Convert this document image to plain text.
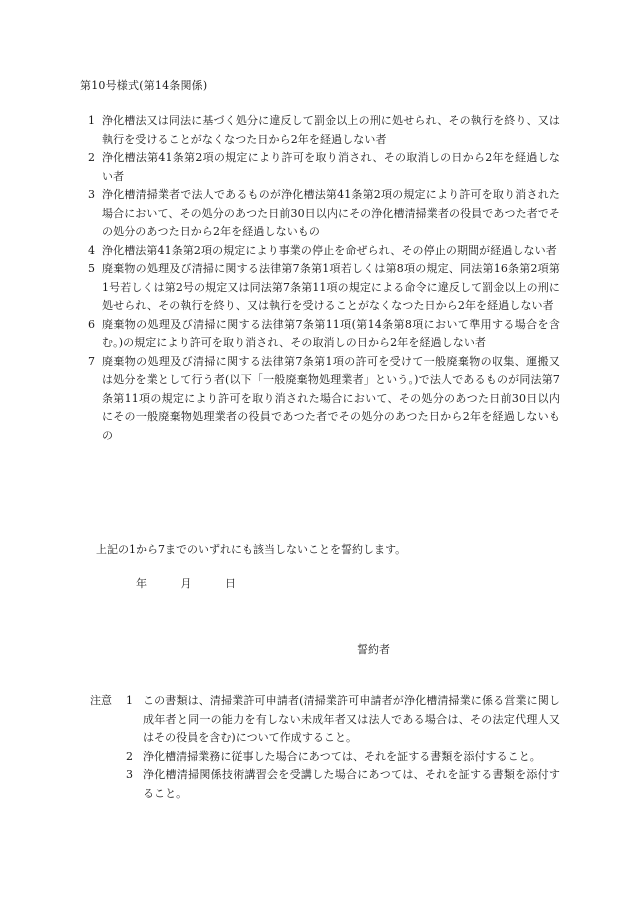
第10号様式(第14条関係)
1 浄化槽法又は同法に基づく処分に違反して罰金以上の刑に処せられ、その執行を終り、又は執行を受けることがなくなつた日から2年を経過しない者
2 浄化槽法第41条第2項の規定により許可を取り消され、その取消しの日から2年を経過しない者
3 浄化槽清掃業者で法人であるものが浄化槽法第41条第2項の規定により許可を取り消された場合において、その処分のあつた日前30日以内にその浄化槽清掃業者の役員であつた者でその処分のあつた日から2年を経過しないもの
4 浄化槽法第41条第2項の規定により事業の停止を命ぜられ、その停止の期間が経過しない者
5 廃棄物の処理及び清掃に関する法律第7条第1項若しくは第8項の規定、同法第16条第2項第1号若しくは第2号の規定又は同法第7条第11項の規定による命令に違反して罰金以上の刑に処せられ、その執行を終り、又は執行を受けることがなくなつた日から2年を経過しない者
6 廃棄物の処理及び清掃に関する法律第7条第11項(第14条第8項において準用する場合を含む。)の規定により許可を取り消され、その取消しの日から2年を経過しない者
7 廃棄物の処理及び清掃に関する法律第7条第1項の許可を受けて一般廃棄物の収集、運搬又は処分を業として行う者(以下「一般廃棄物処理業者」という。)で法人であるものが同法第7条第11項の規定により許可を取り消された場合において、その処分のあつた日前30日以内にその一般廃棄物処理業者の役員であつた者でその処分のあつた日から2年を経過しないもの
上記の1から7までのいずれにも該当しないことを誓約します。
年	月	日
誓約者
注意 1 この書類は、清掃業許可申請者(清掃業許可申請者が浄化槽清掃業に係る営業に関し成年者と同一の能力を有しない未成年者又は法人である場合は、その法定代理人又はその役員を含む)について作成すること。
2 浄化槽清掃業務に従事した場合にあつては、それを証する書類を添付すること。
3 浄化槽清掃関係技術講習会を受講した場合にあつては、それを証する書類を添付すること。
